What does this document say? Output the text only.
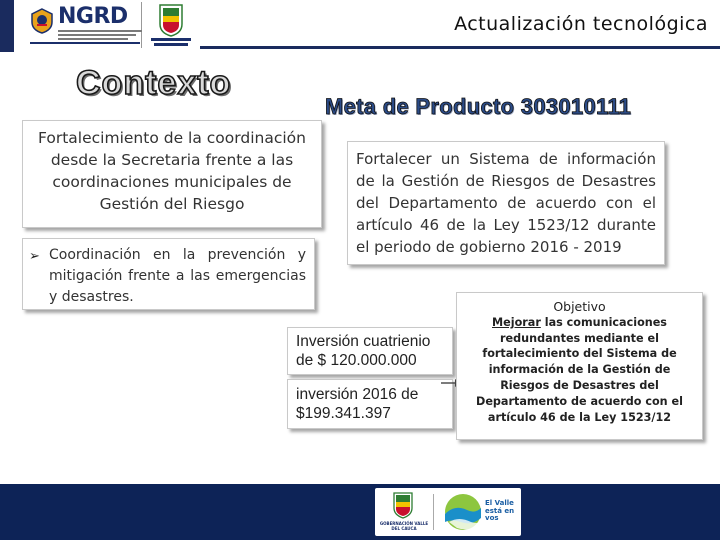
NGRD	Actualización tecnológica
Contexto
Meta de Producto 303010111
Fortalecimiento de la coordinación desde la Secretaria frente a las coordinaciones municipales de Gestión del Riesgo
➢ Coordinación en la prevención y mitigación frente a las emergencias y desastres.
Fortalecer un Sistema de información de la Gestión de Riesgos de Desastres del Departamento de acuerdo con el artículo 46 de la Ley 1523/12 durante el periodo de gobierno 2016 - 2019
Inversión cuatrienio de $ 120.000.000
inversión 2016 de $199.341.397
Objetivo
Mejorar las comunicaciones redundantes mediante el fortalecimiento del Sistema de información de la Gestión de Riesgos de Desastres del Departamento de acuerdo con el artículo 46 de la Ley 1523/12
GOBERNACIÓN VALLE DEL CAUCA
El Valle está en vos
